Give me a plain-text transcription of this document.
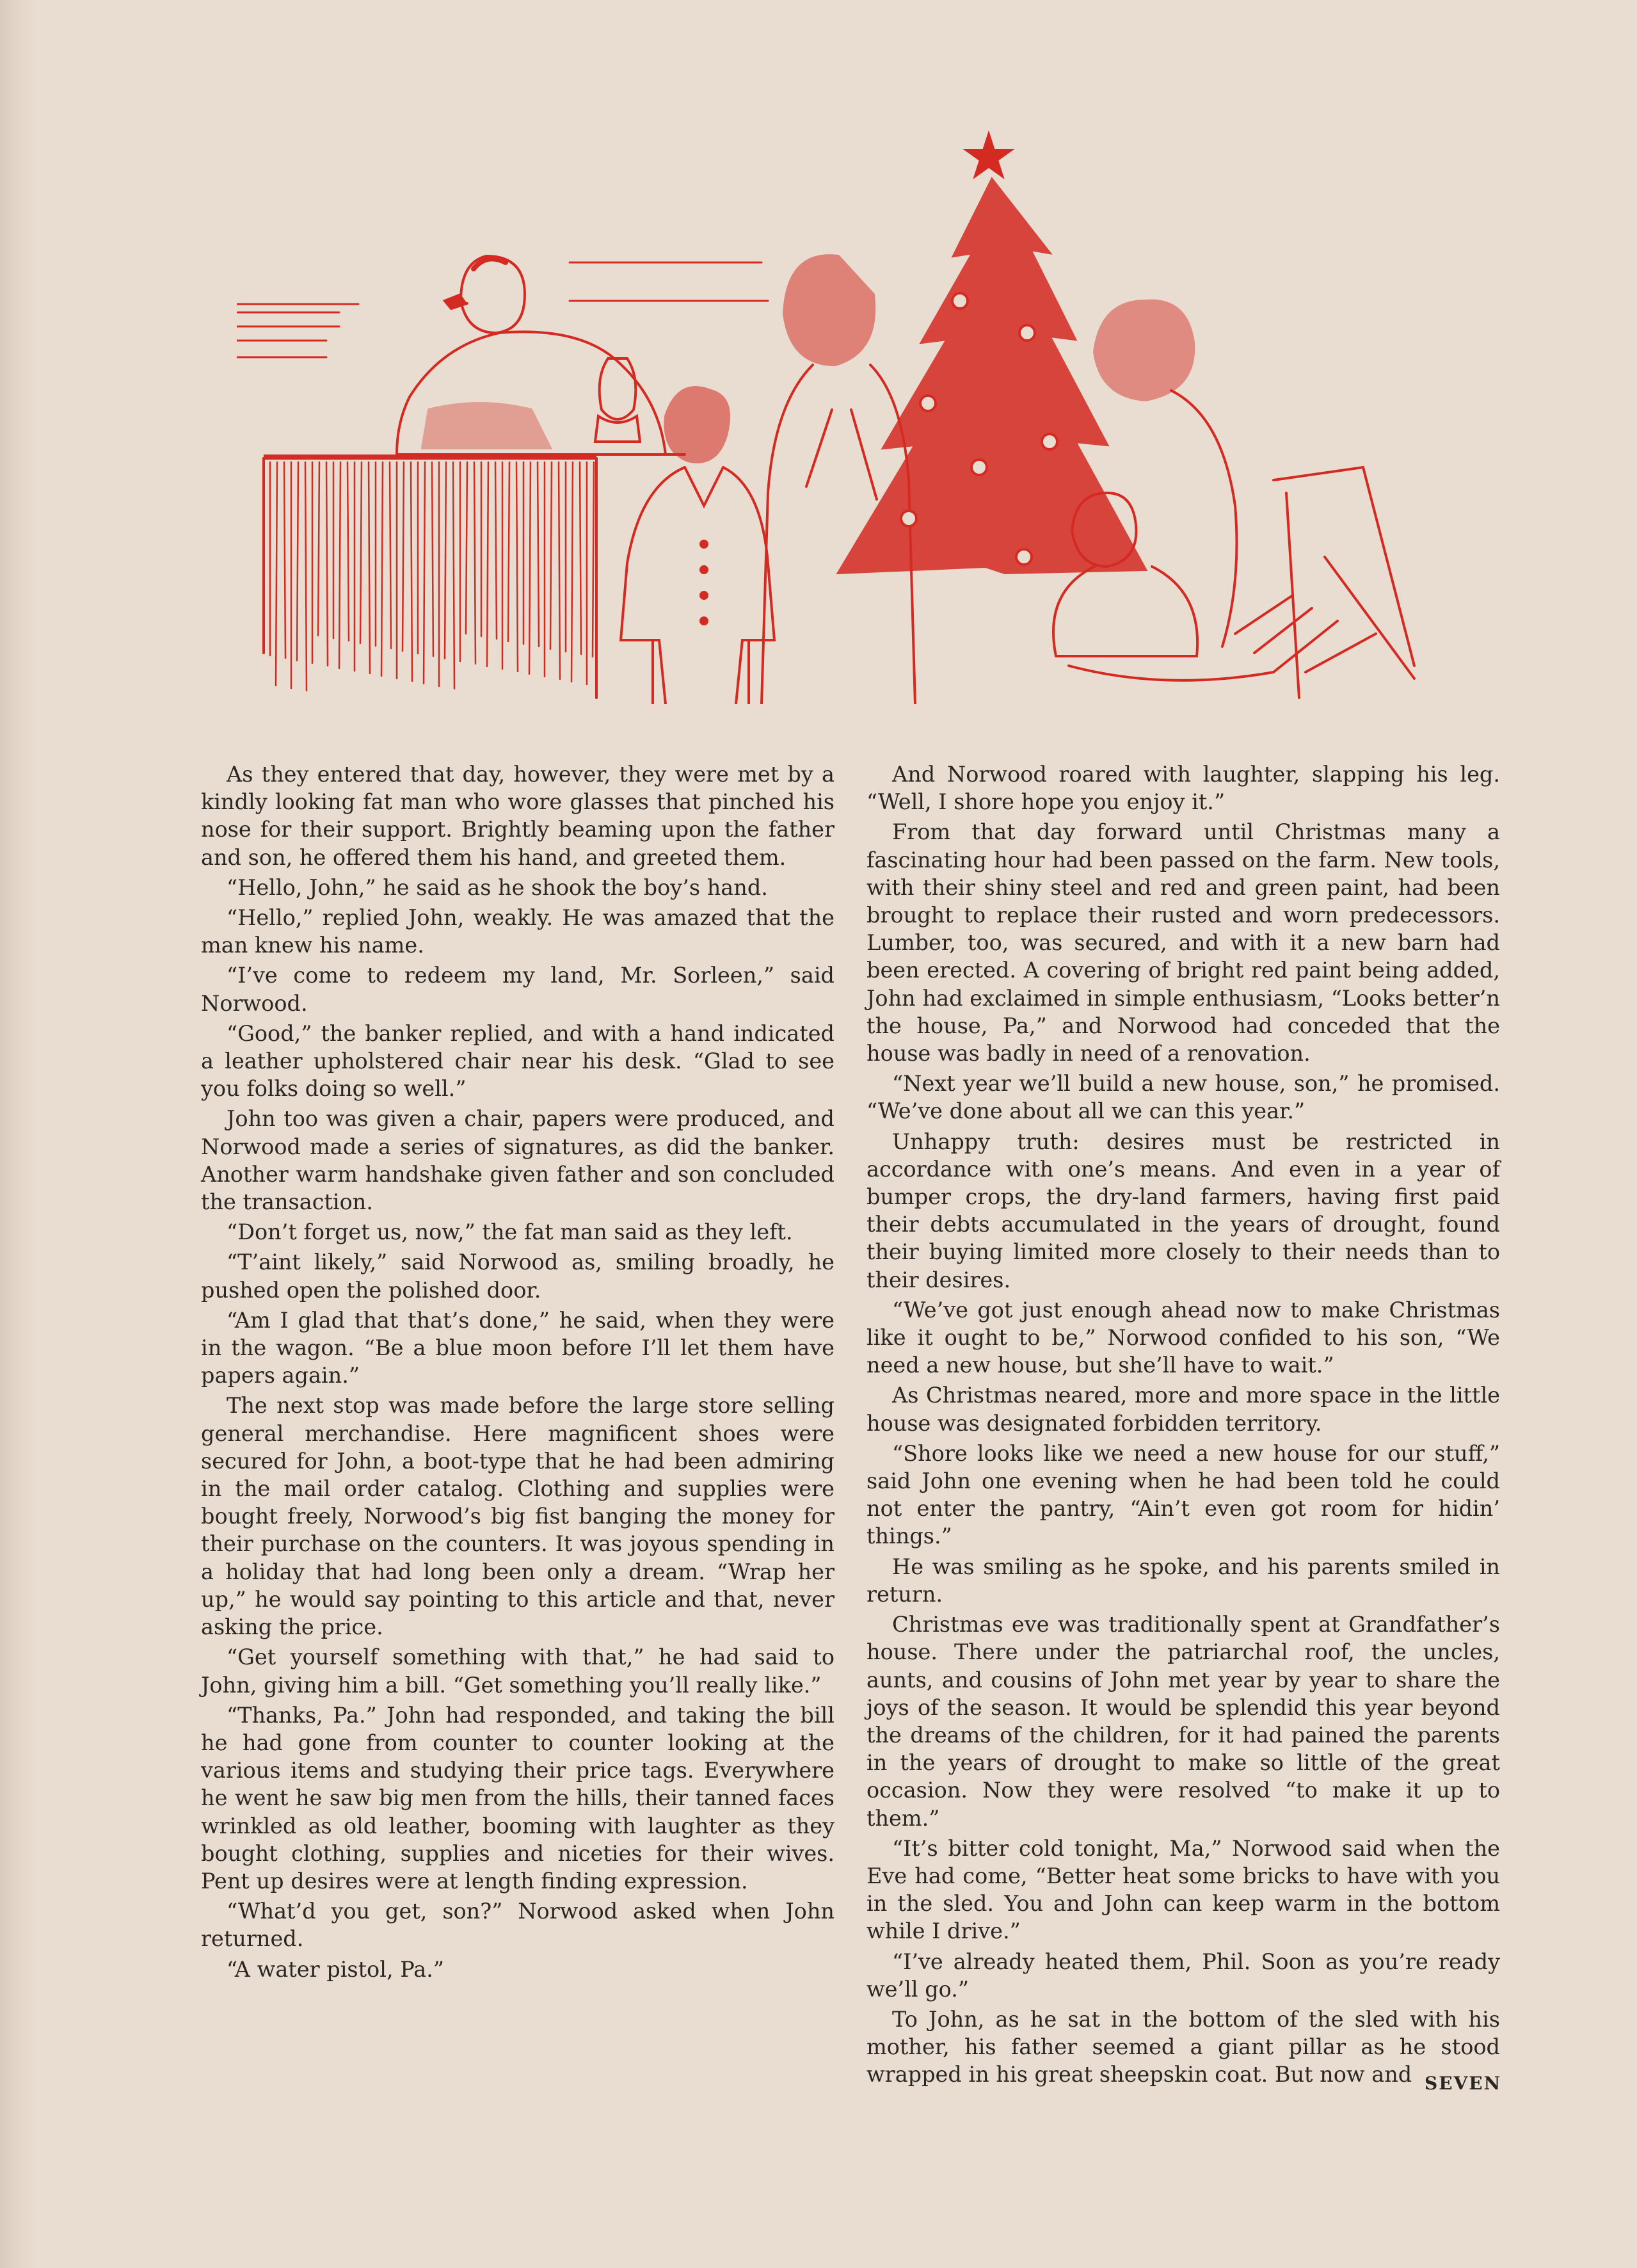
As they entered that day, however, they were met by a kindly looking fat man who wore glasses that pinched his nose for their support. Brightly beaming upon the father and son, he offered them his hand, and greeted them.

“Hello, John,” he said as he shook the boy’s hand.

“Hello,” replied John, weakly. He was amazed that the man knew his name.

“I’ve come to redeem my land, Mr. Sorleen,” said Norwood.

“Good,” the banker replied, and with a hand indicated a leather upholstered chair near his desk. “Glad to see you folks doing so well.”

John too was given a chair, papers were produced, and Norwood made a series of signatures, as did the banker. Another warm handshake given father and son concluded the transaction.

“Don’t forget us, now,” the fat man said as they left.

“T’aint likely,” said Norwood as, smiling broadly, he pushed open the polished door.

“Am I glad that that’s done,” he said, when they were in the wagon. “Be a blue moon before I’ll let them have papers again.”

The next stop was made before the large store selling general merchandise. Here magnificent shoes were secured for John, a boot-type that he had been admiring in the mail order catalog. Clothing and supplies were bought freely, Norwood’s big fist banging the money for their purchase on the counters. It was joyous spending in a holiday that had long been only a dream. “Wrap her up,” he would say pointing to this article and that, never asking the price.

“Get yourself something with that,” he had said to John, giving him a bill. “Get something you’ll really like.”

“Thanks, Pa.” John had responded, and taking the bill he had gone from counter to counter looking at the various items and studying their price tags. Everywhere he went he saw big men from the hills, their tanned faces wrinkled as old leather, booming with laughter as they bought clothing, supplies and niceties for their wives. Pent up desires were at length finding expression.

“What’d you get, son?” Norwood asked when John returned.

“A water pistol, Pa.”

And Norwood roared with laughter, slapping his leg. “Well, I shore hope you enjoy it.”

From that day forward until Christmas many a fascinating hour had been passed on the farm. New tools, with their shiny steel and red and green paint, had been brought to replace their rusted and worn predecessors. Lumber, too, was secured, and with it a new barn had been erected. A covering of bright red paint being added, John had exclaimed in simple enthusiasm, “Looks better’n the house, Pa,” and Norwood had conceded that the house was badly in need of a renovation.

“Next year we’ll build a new house, son,” he promised. “We’ve done about all we can this year.”

Unhappy truth: desires must be restricted in accordance with one’s means. And even in a year of bumper crops, the dry-land farmers, having first paid their debts accumulated in the years of drought, found their buying limited more closely to their needs than to their desires.

“We’ve got just enough ahead now to make Christmas like it ought to be,” Norwood confided to his son, “We need a new house, but she’ll have to wait.”

As Christmas neared, more and more space in the little house was designated forbidden territory.

“Shore looks like we need a new house for our stuff,” said John one evening when he had been told he could not enter the pantry, “Ain’t even got room for hidin’ things.”

He was smiling as he spoke, and his parents smiled in return.

Christmas eve was traditionally spent at Grandfather’s house. There under the patriarchal roof, the uncles, aunts, and cousins of John met year by year to share the joys of the season. It would be splendid this year beyond the dreams of the children, for it had pained the parents in the years of drought to make so little of the great occasion. Now they were resolved “to make it up to them.”

“It’s bitter cold tonight, Ma,” Norwood said when the Eve had come, “Better heat some bricks to have with you in the sled. You and John can keep warm in the bottom while I drive.”

“I’ve already heated them, Phil. Soon as you’re ready we’ll go.”

To John, as he sat in the bottom of the sled with his mother, his father seemed a giant pillar as he stood wrapped in his great sheepskin coat. But now and SEVEN
